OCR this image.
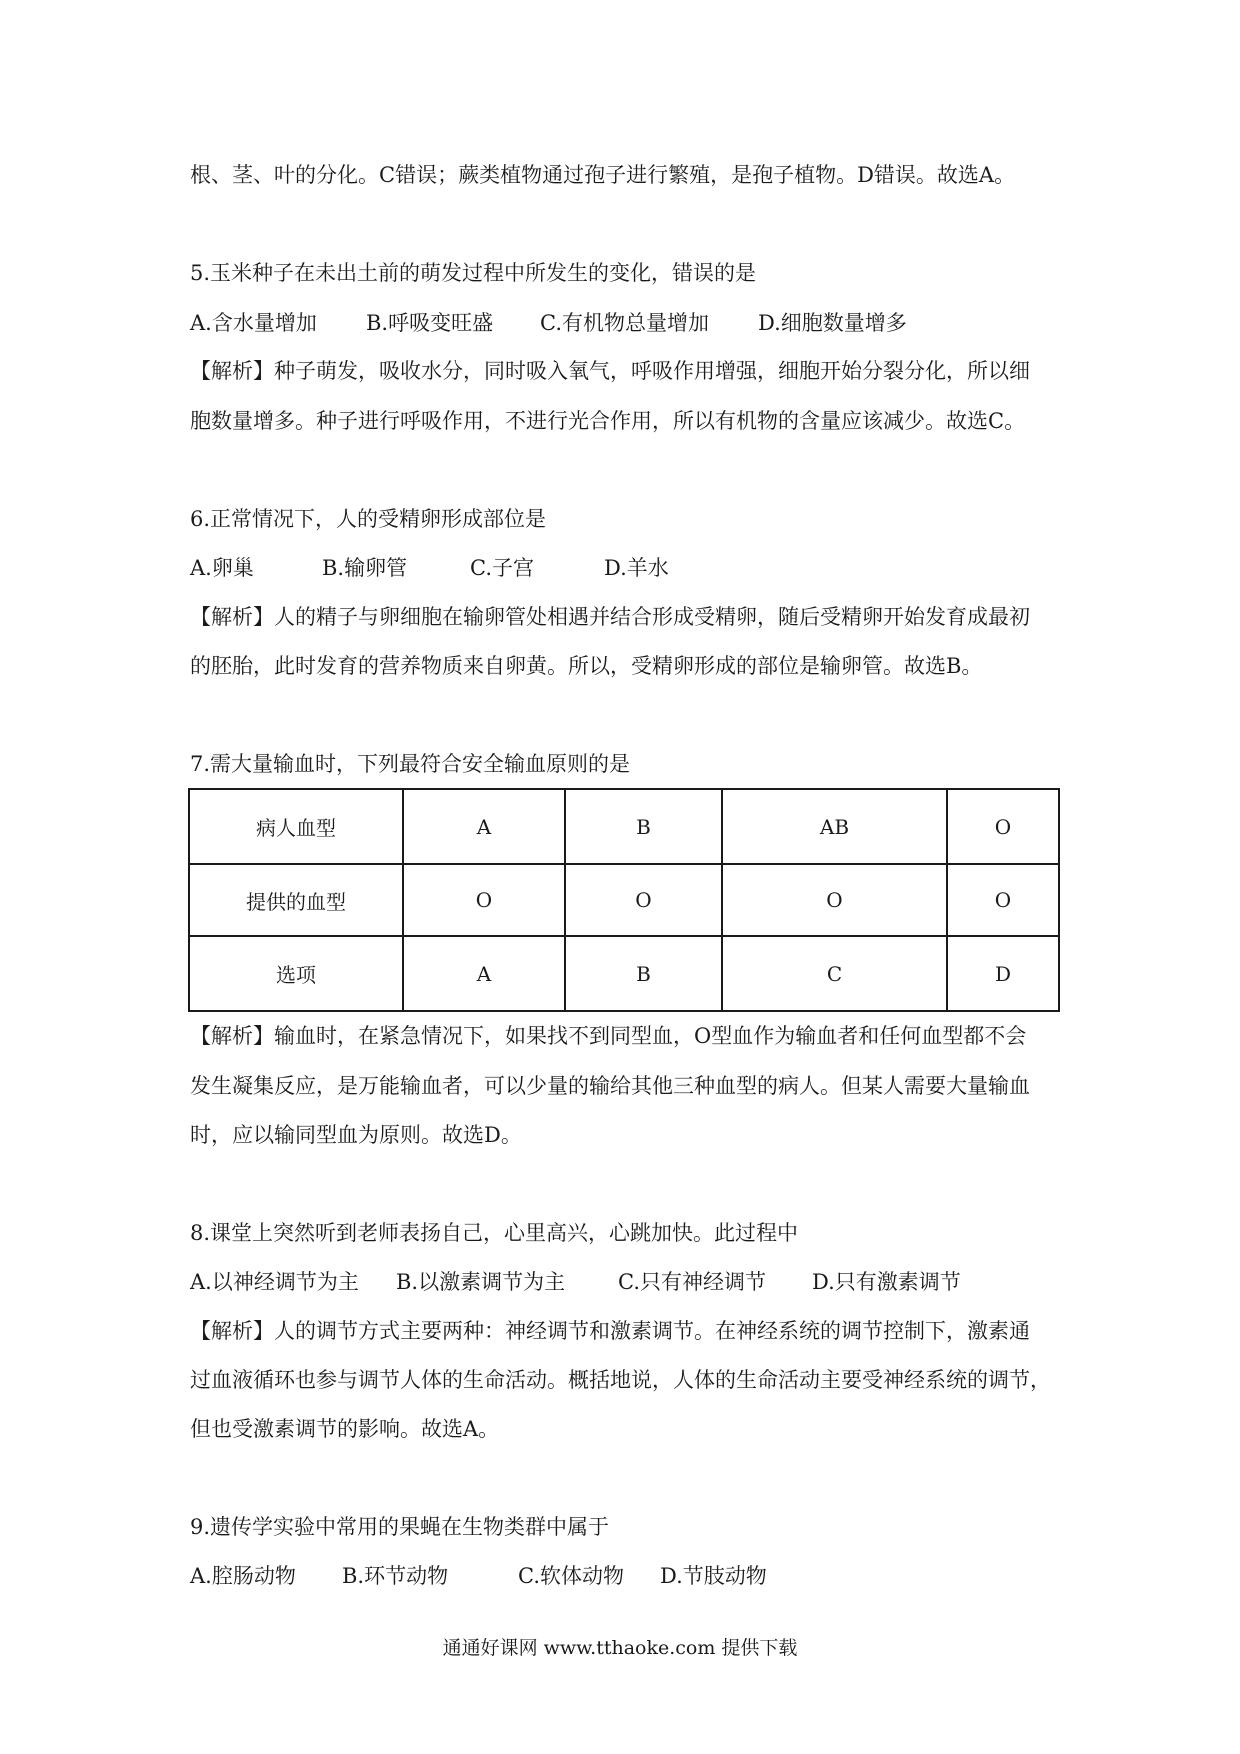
根、茎、叶的分化。C错误；蕨类植物通过孢子进行繁殖，是孢子植物。D错误。故选A。
5.玉米种子在未出土前的萌发过程中所发生的变化，错误的是
A.含水量增加 B.呼吸变旺盛 C.有机物总量增加 D.细胞数量增多
【解析】种子萌发，吸收水分，同时吸入氧气，呼吸作用增强，细胞开始分裂分化，所以细
胞数量增多。种子进行呼吸作用，不进行光合作用，所以有机物的含量应该减少。故选C。
6.正常情况下，人的受精卵形成部位是
A.卵巢	B.输卵管	C.子宫	D.羊水
【解析】人的精子与卵细胞在输卵管处相遇并结合形成受精卵，随后受精卵开始发育成最初
的胚胎，此时发育的营养物质来自卵黄。所以，受精卵形成的部位是输卵管。故选B。
7.需大量输血时，下列最符合安全输血原则的是
病人血型	A	B	AB	O
提供的血型	O	O	O	O
选项	A	B	C	D
【解析】输血时，在紧急情况下，如果找不到同型血，O型血作为输血者和任何血型都不会
发生凝集反应，是万能输血者，可以少量的输给其他三种血型的病人。但某人需要大量输血
时，应以输同型血为原则。故选D。
8.课堂上突然听到老师表扬自己，心里高兴，心跳加快。此过程中
A.以神经调节为主 B.以激素调节为主	C.只有神经调节 D.只有激素调节
【解析】人的调节方式主要两种：神经调节和激素调节。在神经系统的调节控制下，激素通
过血液循环也参与调节人体的生命活动。概括地说，人体的生命活动主要受神经系统的调节，
但也受激素调节的影响。故选A。
9.遗传学实验中常用的果蝇在生物类群中属于
A.腔肠动物 B.环节动物	C.软体动物 D.节肢动物
通通好课网 www.tthaoke.com 提供下载
